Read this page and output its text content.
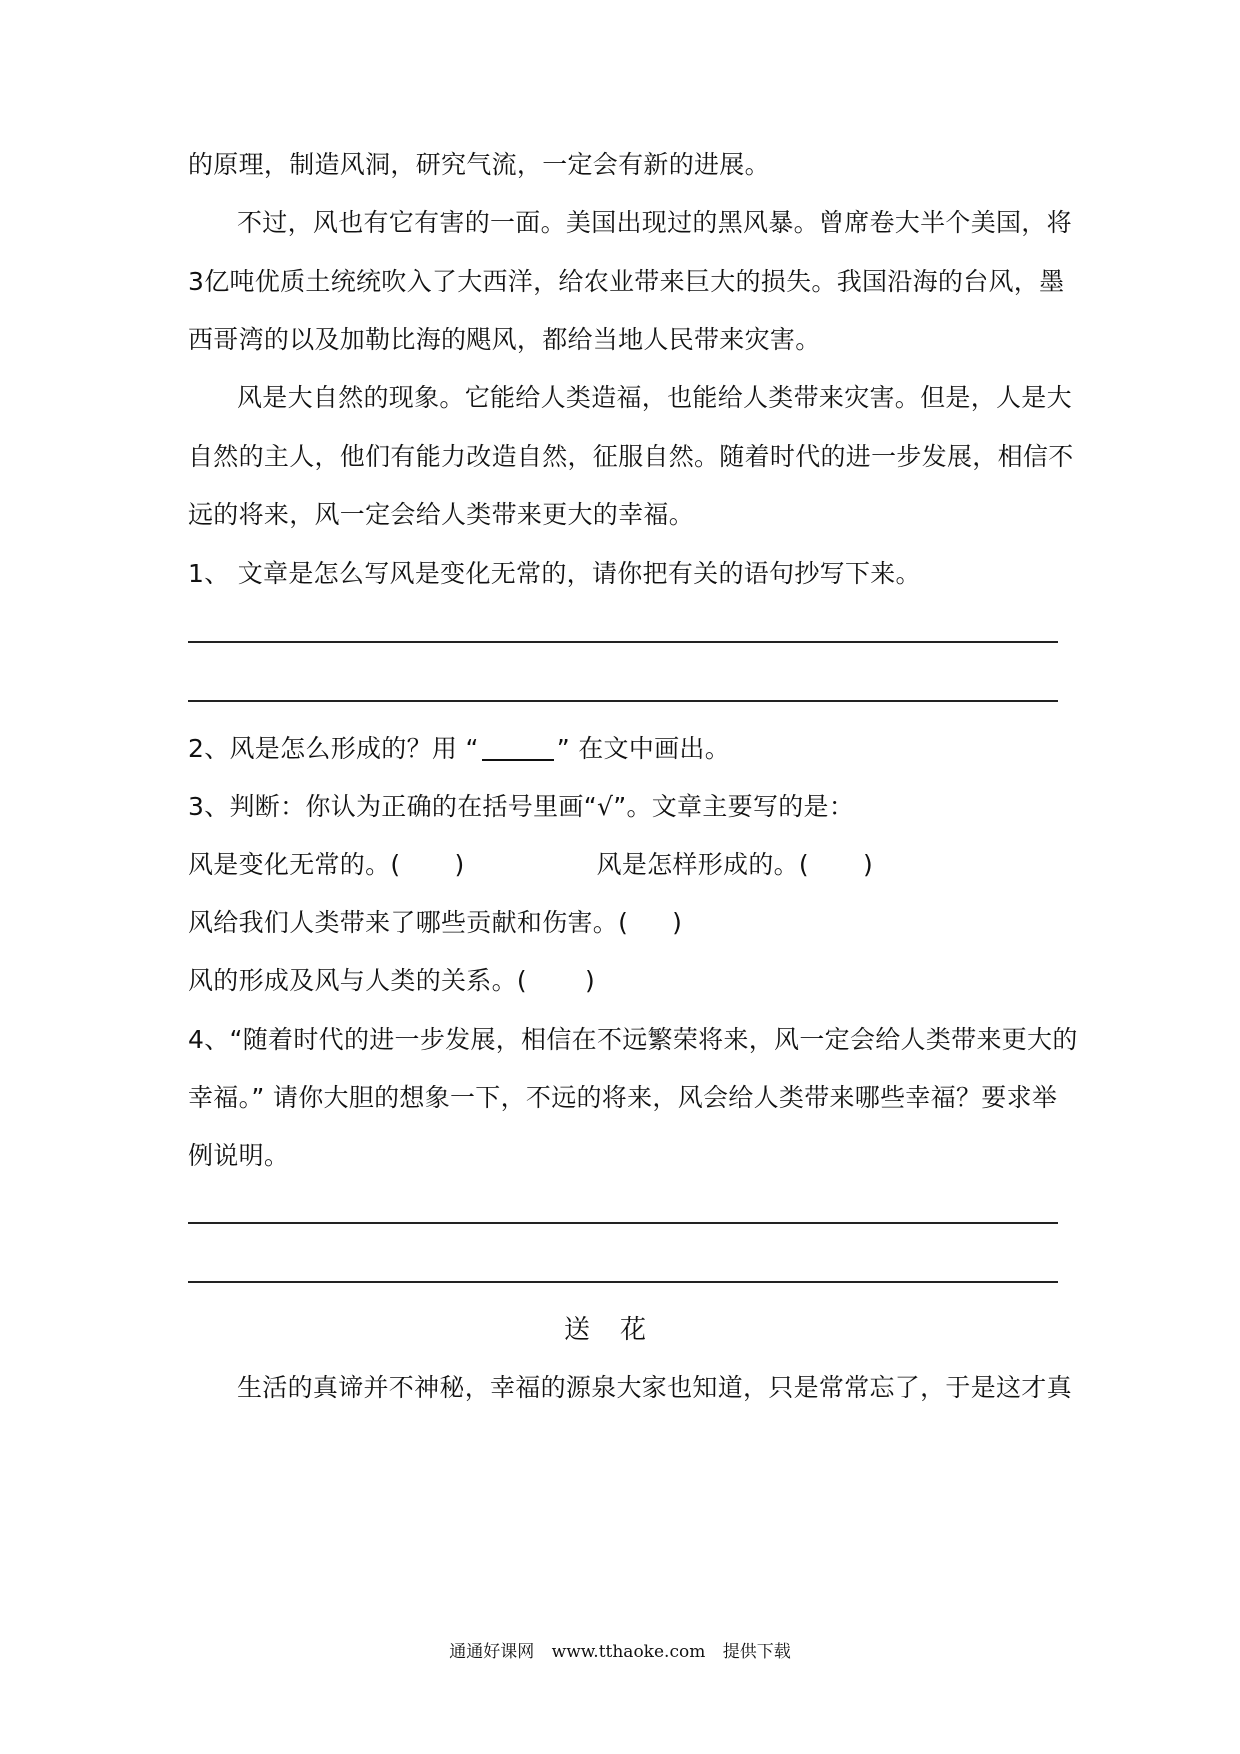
的原理，制造风洞，研究气流，一定会有新的进展。
不过，风也有它有害的一面。美国出现过的黑风暴。曾席卷大半个美国，将
3亿吨优质土统统吹入了大西洋，给农业带来巨大的损失。我国沿海的台风，墨
西哥湾的以及加勒比海的飓风，都给当地人民带来灾害。
风是大自然的现象。它能给人类造福，也能给人类带来灾害。但是，人是大
自然的主人，他们有能力改造自然，征服自然。随着时代的进一步发展，相信不
远的将来，风一定会给人类带来更大的幸福。
1、 文章是怎么写风是变化无常的，请你把有关的语句抄写下来。
2、风是怎么形成的？用 “	” 在文中画出。
3、判断：你认为正确的在括号里画“√”。文章主要写的是：
风是变化无常的。( )	风是怎样形成的。( )
风给我们人类带来了哪些贡献和伤害。( )
风的形成及风与人类的关系。( )
4、“随着时代的进一步发展，相信在不远繁荣将来，风一定会给人类带来更大的
幸福。” 请你大胆的想象一下，不远的将来，风会给人类带来哪些幸福？要求举
例说明。
送花
生活的真谛并不神秘，幸福的源泉大家也知道，只是常常忘了，于是这才真
通通好课网 www.tthaoke.com 提供下载
